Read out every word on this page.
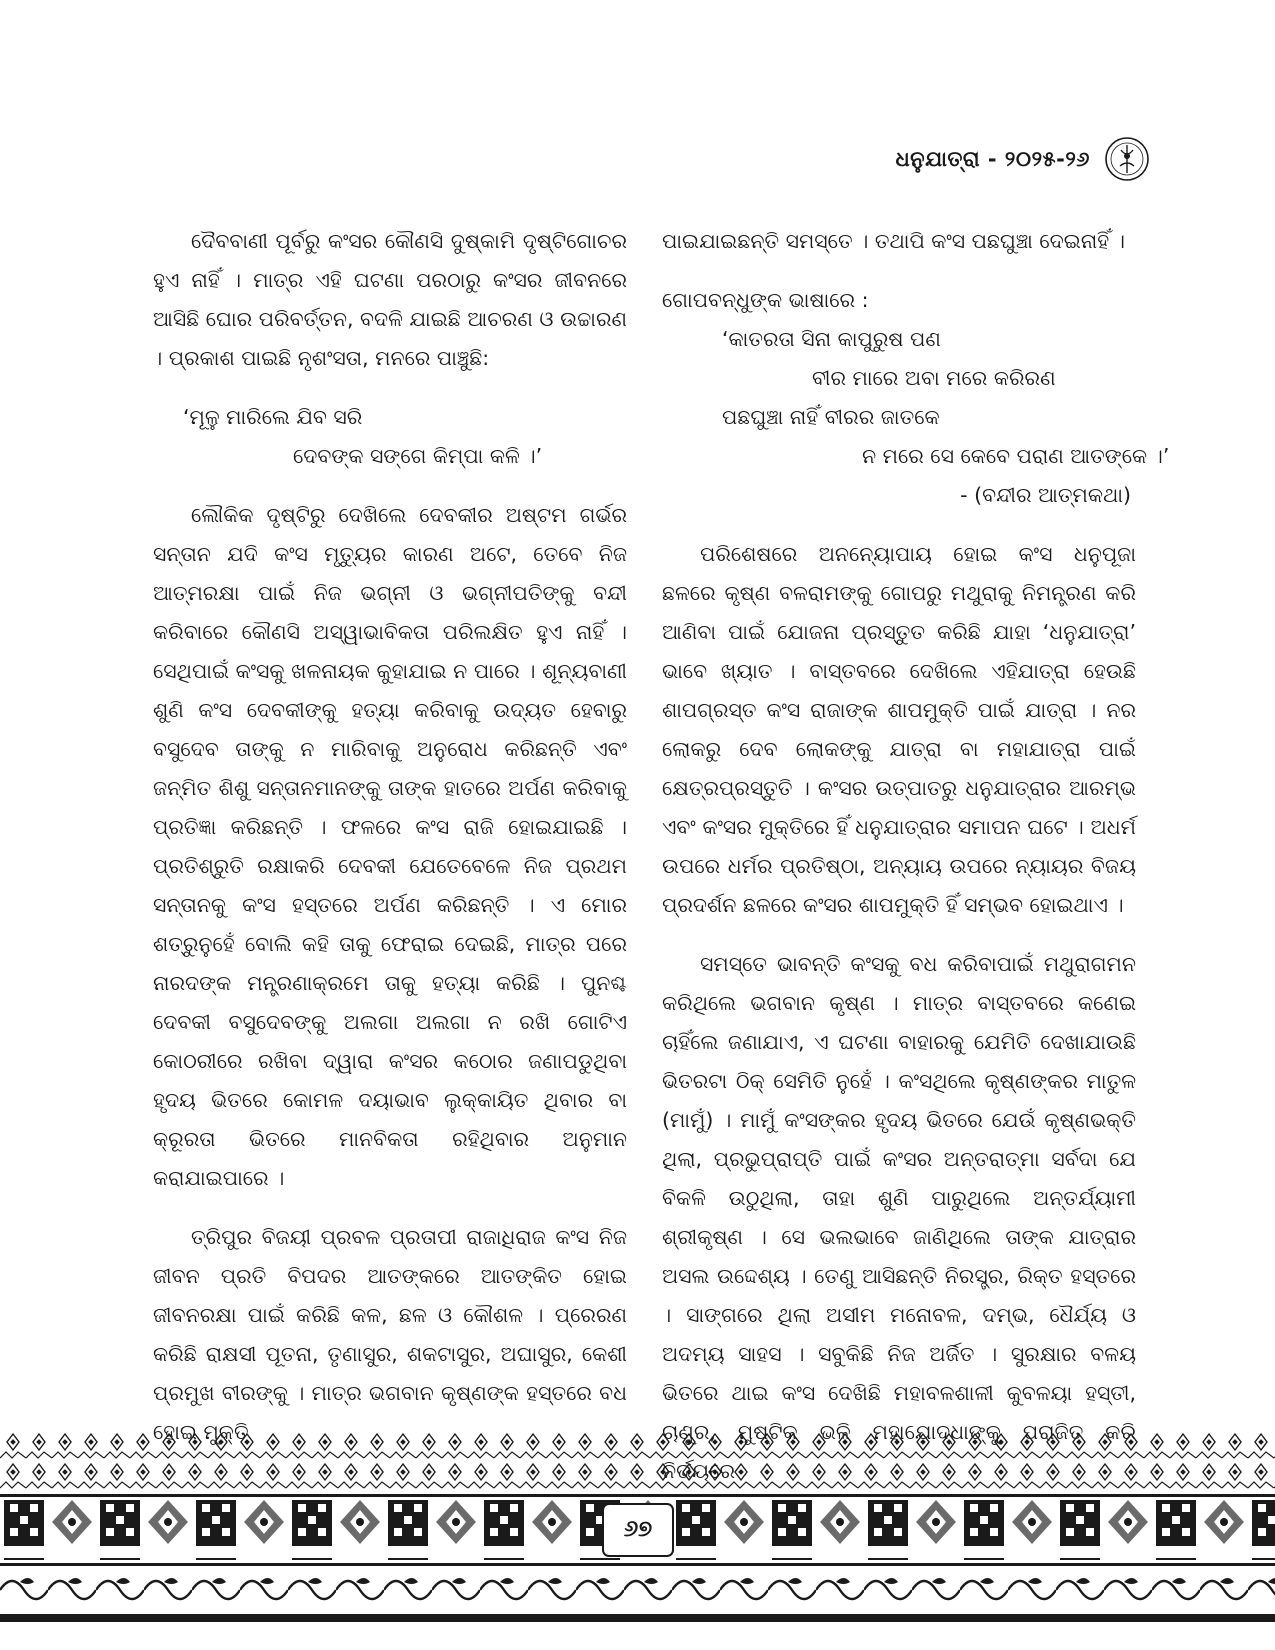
ଧନୁଯାତ୍ରା - ୨୦୨୫-୨୬

ଦୈବବାଣୀ ପୂର୍ବରୁ କଂସର କୌଣସି ଦୁଷ୍କାମି ଦୃଷ୍ଟିଗୋଚର ହୁଏ ନାହିଁ । ମାତ୍ର ଏହି ଘଟଣା ପରଠାରୁ କଂସର ଜୀବନରେ ଆସିଛି ଘୋର ପରିବର୍ତ୍ତନ, ବଦଳି ଯାଇଛି ଆଚରଣ ଓ ଉଚ୍ଚାରଣ । ପ୍ରକାଶ ପାଇଛି ନୃଶଂସତା, ମନରେ ପାଞ୍ଚୁଛି:

‘ମୂଳୁ ମାରିଲେ ଯିବ ସରି
ଦେବଙ୍କ ସଙ୍ଗେ କିମ୍ପା କଳି ।’

ଲୌକିକ ଦୃଷ୍ଟିରୁ ଦେଖିଲେ ଦେବକୀର ଅଷ୍ଟମ ଗର୍ଭର ସନ୍ତାନ ଯଦି କଂସ ମୃତ୍ୟୁର କାରଣ ଅଟେ, ତେବେ ନିଜ ଆତ୍ମରକ୍ଷା ପାଇଁ ନିଜ ଭଗ୍ନୀ ଓ ଭଗ୍ନୀପତିଙ୍କୁ ବନ୍ଦୀ କରିବାରେ କୌଣସି ଅସ୍ୱାଭାବିକତା ପରିଲକ୍ଷିତ ହୁଏ ନାହିଁ । ସେଥିପାଇଁ କଂସକୁ ଖଳନାୟକ କୁହାଯାଇ ନ ପାରେ । ଶୂନ୍ୟବାଣୀ ଶୁଣି କଂସ ଦେବକୀଙ୍କୁ ହତ୍ୟା କରିବାକୁ ଉଦ୍ୟତ ହେବାରୁ ବସୁଦେବ ତାଙ୍କୁ ନ ମାରିବାକୁ ଅନୁରୋଧ କରିଛନ୍ତି ଏବଂ ଜନ୍ମିତ ଶିଶୁ ସନ୍ତାନମାନଙ୍କୁ ତାଙ୍କ ହାତରେ ଅର୍ପଣ କରିବାକୁ ପ୍ରତିଜ୍ଞା କରିଛନ୍ତି । ଫଳରେ କଂସ ରାଜି ହୋଇଯାଇଛି । ପ୍ରତିଶ୍ରୁତି ରକ୍ଷାକରି ଦେବକୀ ଯେତେବେଳେ ନିଜ ପ୍ରଥମ ସନ୍ତାନକୁ କଂସ ହସ୍ତରେ ଅର୍ପଣ କରିଛନ୍ତି । ଏ ମୋର ଶତ୍ରୁନୁହେଁ ବୋଲି କହି ତାକୁ ଫେରାଇ ଦେଇଛି, ମାତ୍ର ପରେ ନାରଦଙ୍କ ମନ୍ତ୍ରଣାକ୍ରମେ ତାକୁ ହତ୍ୟା କରିଛି । ପୁନଶ୍ଚ ଦେବକୀ ବସୁଦେବଙ୍କୁ ଅଲଗା ଅଲଗା ନ ରଖି ଗୋଟିଏ କୋଠରୀରେ ରଖିବା ଦ୍ୱାରା କଂସର କଠୋର ଜଣାପଡୁଥିବା ହୃଦୟ ଭିତରେ କୋମଳ ଦୟାଭାବ ଲୁକ୍କାୟିତ ଥିବାର ବା କ୍ରୂରତା ଭିତରେ ମାନବିକତା ରହିଥିବାର ଅନୁମାନ କରାଯାଇପାରେ ।

ତ୍ରିପୁର ବିଜୟୀ ପ୍ରବଳ ପ୍ରତାପୀ ରାଜାଧିରାଜ କଂସ ନିଜ ଜୀବନ ପ୍ରତି ବିପଦର ଆତଙ୍କରେ ଆତଙ୍କିତ ହୋଇ ଜୀବନରକ୍ଷା ପାଇଁ କରିଛି କଳ, ଛଳ ଓ କୌଶଳ । ପ୍ରେରଣ କରିଛି ରାକ୍ଷସୀ ପୂତନା, ତୃଣାସୁର, ଶକଟାସୁର, ଅଘାସୁର, କେଶୀ ପ୍ରମୁଖ ବୀରଙ୍କୁ । ମାତ୍ର ଭଗବାନ କୃଷ୍ଣଙ୍କ ହସ୍ତରେ ବଧ

ପାଇଯାଇଛନ୍ତି ସମସ୍ତେ । ତଥାପି କଂସ ପଛଘୁଞ୍ଚା ଦେଇନାହିଁ ।

ଗୋପବନ୍ଧୁଙ୍କ ଭାଷାରେ :

‘କାତରତା ସିନା କାପୁରୁଷ ପଣ
ବୀର ମାରେ ଅବା ମରେ କରିରଣ
ପଛଘୁଞ୍ଚା ନାହିଁ ବୀରର ଜାତକେ
ନ ମରେ ସେ କେବେ ପରାଣ ଆତଙ୍କେ ।’
- (ବନ୍ଦୀର ଆତ୍ମକଥା)

ପରିଶେଷରେ ଅନନ୍ୟୋପାୟ ହୋଇ କଂସ ଧନୁପୂଜା ଛଳରେ କୃଷ୍ଣ ବଳରାମଙ୍କୁ ଗୋପରୁ ମଥୁରାକୁ ନିମନ୍ତ୍ରଣ କରି ଆଣିବା ପାଇଁ ଯୋଜନା ପ୍ରସ୍ତୁତ କରିଛି ଯାହା ‘ଧନୁଯାତ୍ରା’ ଭାବେ ଖ୍ୟାତ । ବାସ୍ତବରେ ଦେଖିଲେ ଏହିଯାତ୍ରା ହେଉଛି ଶାପଗ୍ରସ୍ତ କଂସ ରାଜାଙ୍କ ଶାପମୁକ୍ତି ପାଇଁ ଯାତ୍ରା । ନର ଲୋକରୁ ଦେବ ଲୋକଙ୍କୁ ଯାତ୍ରା ବା ମହାଯାତ୍ରା ପାଇଁ କ୍ଷେତ୍ରପ୍ରସ୍ତୁତି । କଂସର ଉତ୍ପାତରୁ ଧନୁଯାତ୍ରାର ଆରମ୍ଭ ଏବଂ କଂସର ମୁକ୍ତିରେ ହିଁ ଧନୁଯାତ୍ରାର ସମାପନ ଘଟେ । ଅଧର୍ମ ଉପରେ ଧର୍ମର ପ୍ରତିଷ୍ଠା, ଅନ୍ୟାୟ ଉପରେ ନ୍ୟାୟର ବିଜୟ ପ୍ରଦର୍ଶନ ଛଳରେ କଂସର ଶାପମୁକ୍ତି ହିଁ ସମ୍ଭବ ହୋଇଥାଏ ।

ସମସ୍ତେ ଭାବନ୍ତି କଂସକୁ ବଧ କରିବାପାଇଁ ମଥୁରାଗମନ କରିଥିଲେ ଭଗବାନ କୃଷ୍ଣ । ମାତ୍ର ବାସ୍ତବରେ କଣେଇ ଚାହିଁଲେ ଜଣାଯାଏ, ଏ ଘଟଣା ବାହାରକୁ ଯେମିତି ଦେଖାଯାଉଛି ଭିତରଟା ଠିକ୍ ସେମିତି ନୁହେଁ । କଂସଥିଲେ କୃଷ୍ଣଙ୍କର ମାତୁଳ (ମାମୁଁ) । ମାମୁଁ କଂସଙ୍କର ହୃଦୟ ଭିତରେ ଯେଉଁ କୃଷ୍ଣଭକ୍ତି ଥିଲା, ପ୍ରଭୁପ୍ରାପ୍ତି ପାଇଁ କଂସର ଅନ୍ତରାତ୍ମା ସର୍ବଦା ଯେ ବିକଳି ଉଠୁଥିଲା, ତାହା ଶୁଣି ପାରୁଥିଲେ ଅନ୍ତର୍ଯ୍ୟାମୀ ଶ୍ରୀକୃଷ୍ଣ । ସେ ଭଲଭାବେ ଜାଣିଥିଲେ ତାଙ୍କ ଯାତ୍ରାର ଅସଲ ଉଦ୍ଦେଶ୍ୟ । ତେଣୁ ଆସିଛନ୍ତି ନିରସ୍ତ୍ର, ରିକ୍ତ ହସ୍ତରେ । ସାଙ୍ଗରେ ଥିଲା ଅସୀମ ମନୋବଳ, ଦମ୍ଭ, ଧୈର୍ଯ୍ୟ ଓ ଅଦମ୍ୟ ସାହସ । ସବୁକିଛି ନିଜ ଅର୍ଜିତ । ସୁରକ୍ଷାର ବଳୟ ଭିତରେ ଥାଇ କଂସ ଦେଖିଛି ମହାବଳଶାଳୀ କୁବଳୟା ହସ୍ତୀ,

୬୭
